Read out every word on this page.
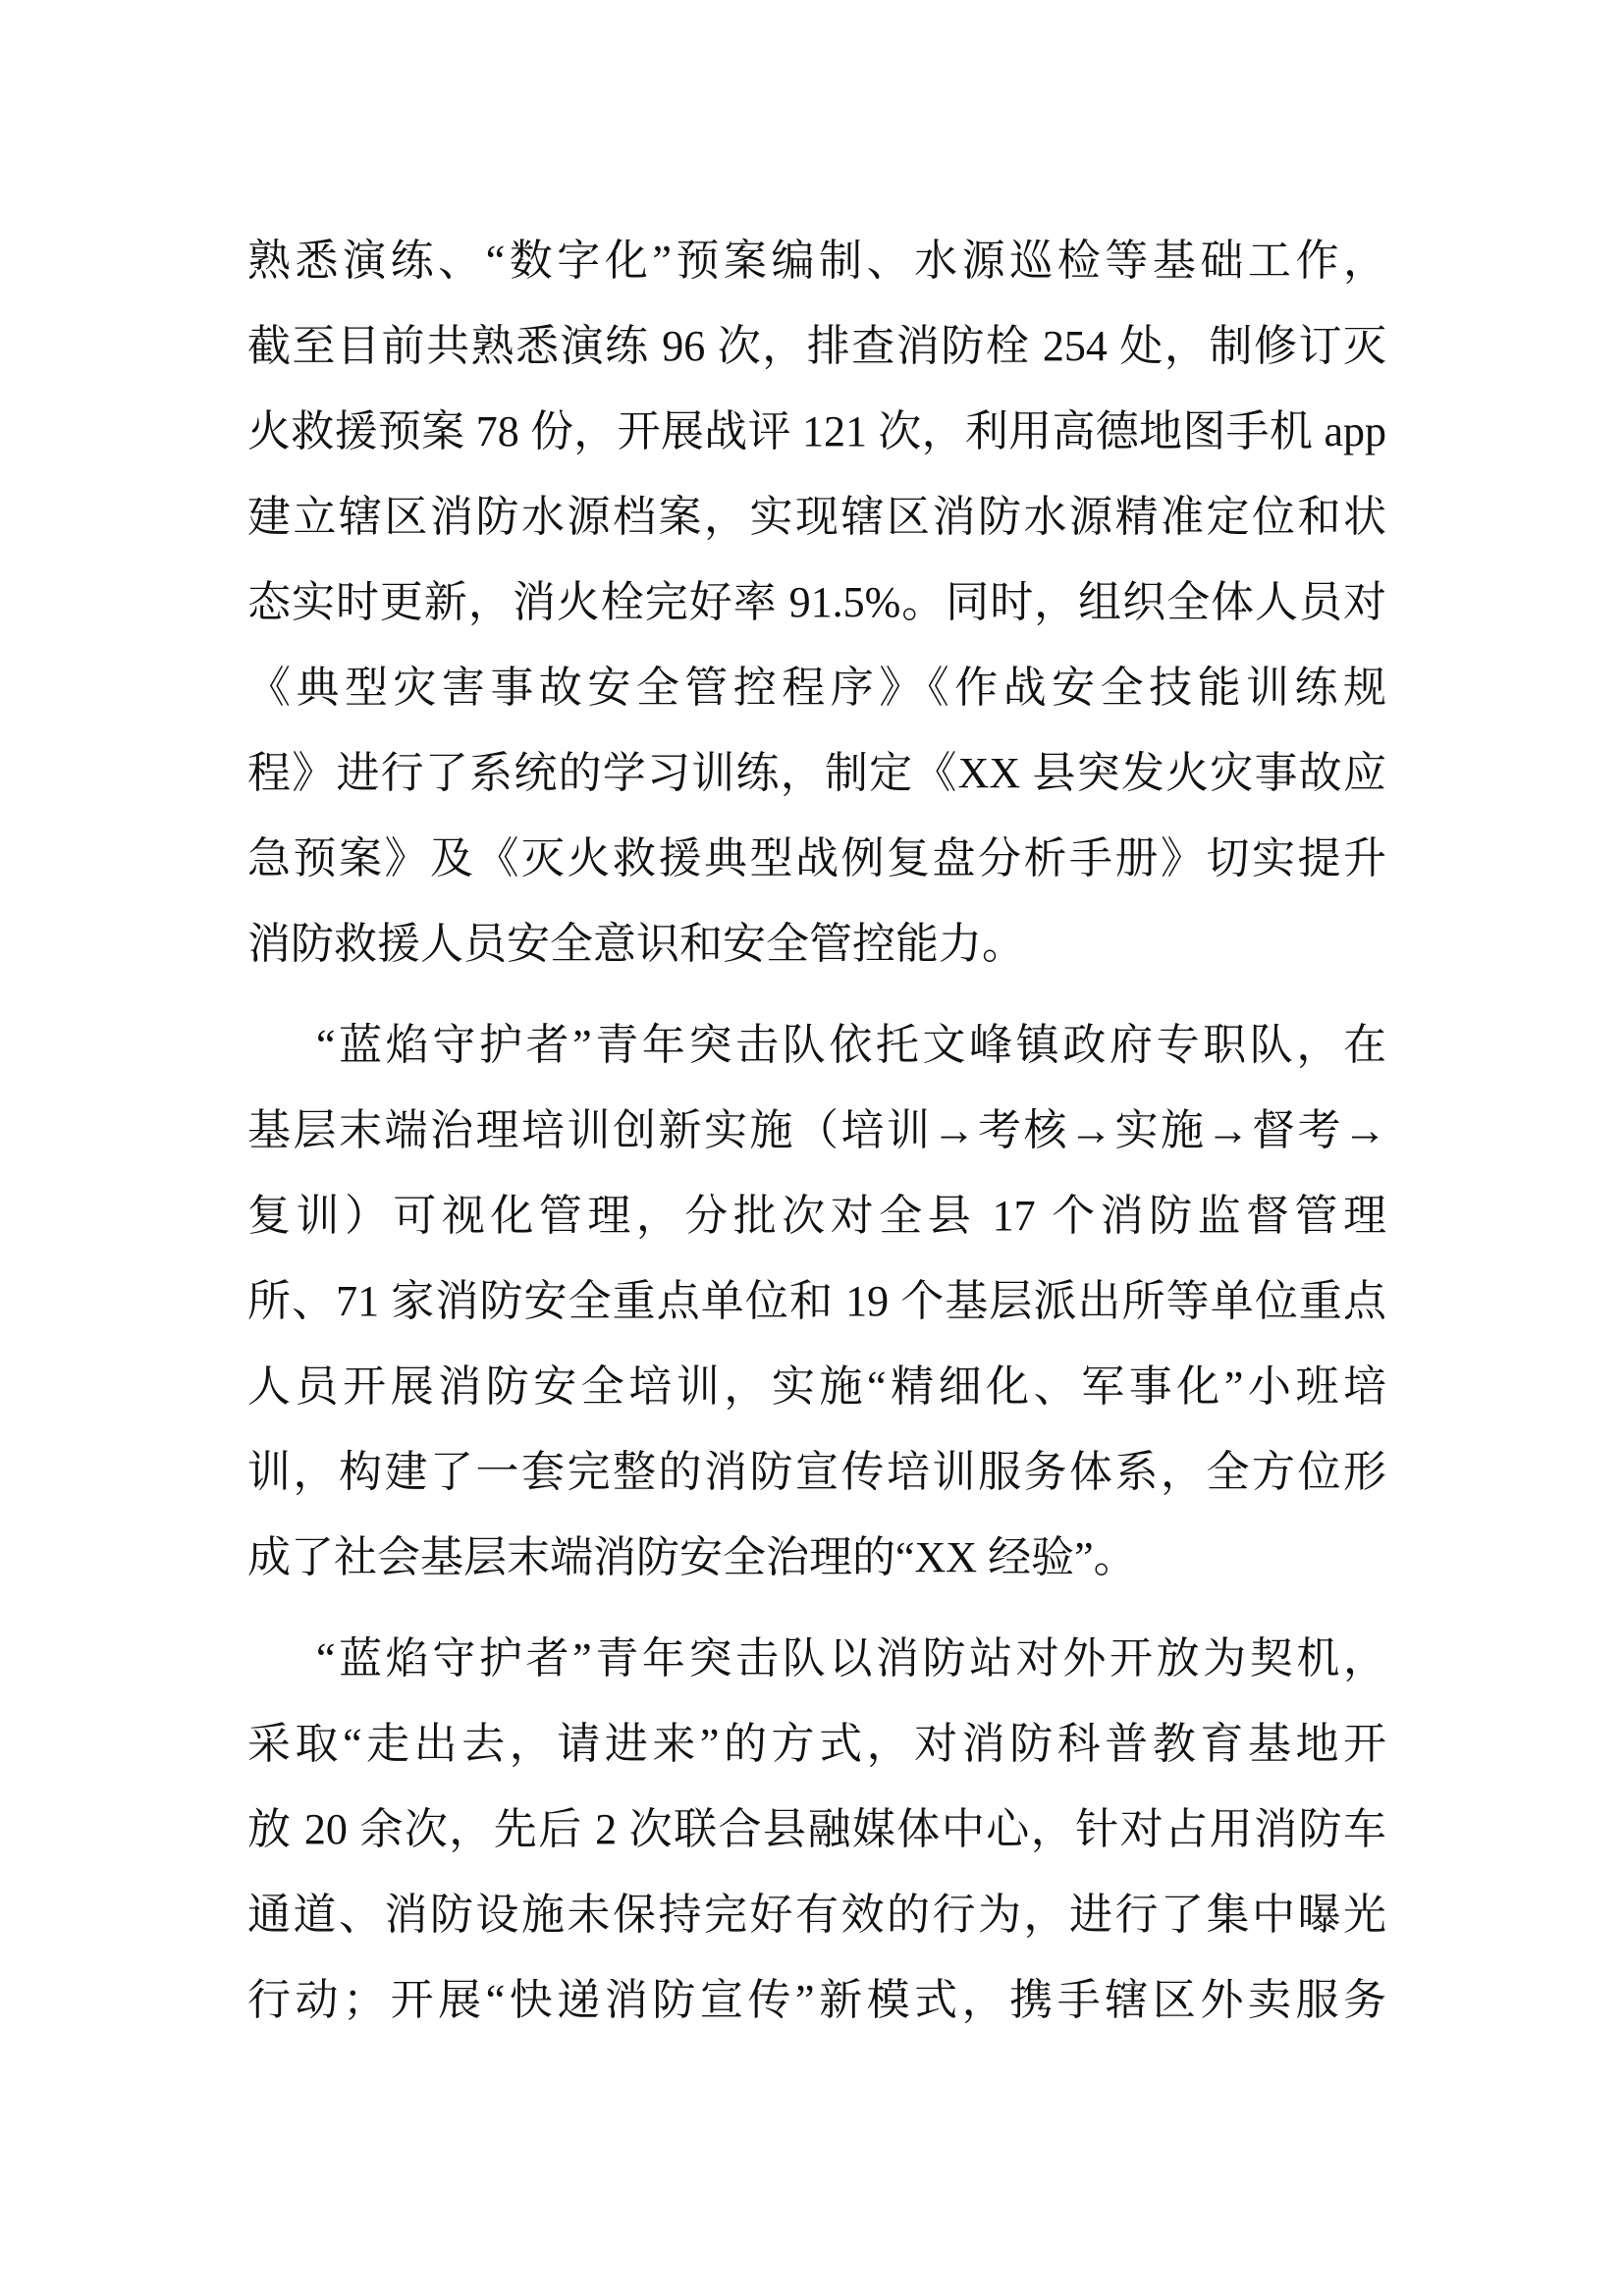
熟悉演练、“数字化”预案编制、水源巡检等基础工作，
截至目前共熟悉演练 96 次，排查消防栓 254 处，制修订灭
火救援预案 78 份，开展战评 121 次，利用高德地图手机 app
建立辖区消防水源档案，实现辖区消防水源精准定位和状
态实时更新，消火栓完好率 91.5%。同时，组织全体人员对
《典型灾害事故安全管控程序》《作战安全技能训练规
程》进行了系统的学习训练，制定《XX 县突发火灾事故应
急预案》及《灭火救援典型战例复盘分析手册》切实提升
消防救援人员安全意识和安全管控能力。
“蓝焰守护者”青年突击队依托文峰镇政府专职队，在
基层末端治理培训创新实施（培训→考核→实施→督考→
复训）可视化管理，分批次对全县 17 个消防监督管理
所、71 家消防安全重点单位和 19 个基层派出所等单位重点
人员开展消防安全培训，实施“精细化、军事化”小班培
训，构建了一套完整的消防宣传培训服务体系，全方位形
成了社会基层末端消防安全治理的“XX 经验”。
“蓝焰守护者”青年突击队以消防站对外开放为契机，
采取“走出去，请进来”的方式，对消防科普教育基地开
放 20 余次，先后 2 次联合县融媒体中心，针对占用消防车
通道、消防设施未保持完好有效的行为，进行了集中曝光
行动；开展“快递消防宣传”新模式，携手辖区外卖服务
